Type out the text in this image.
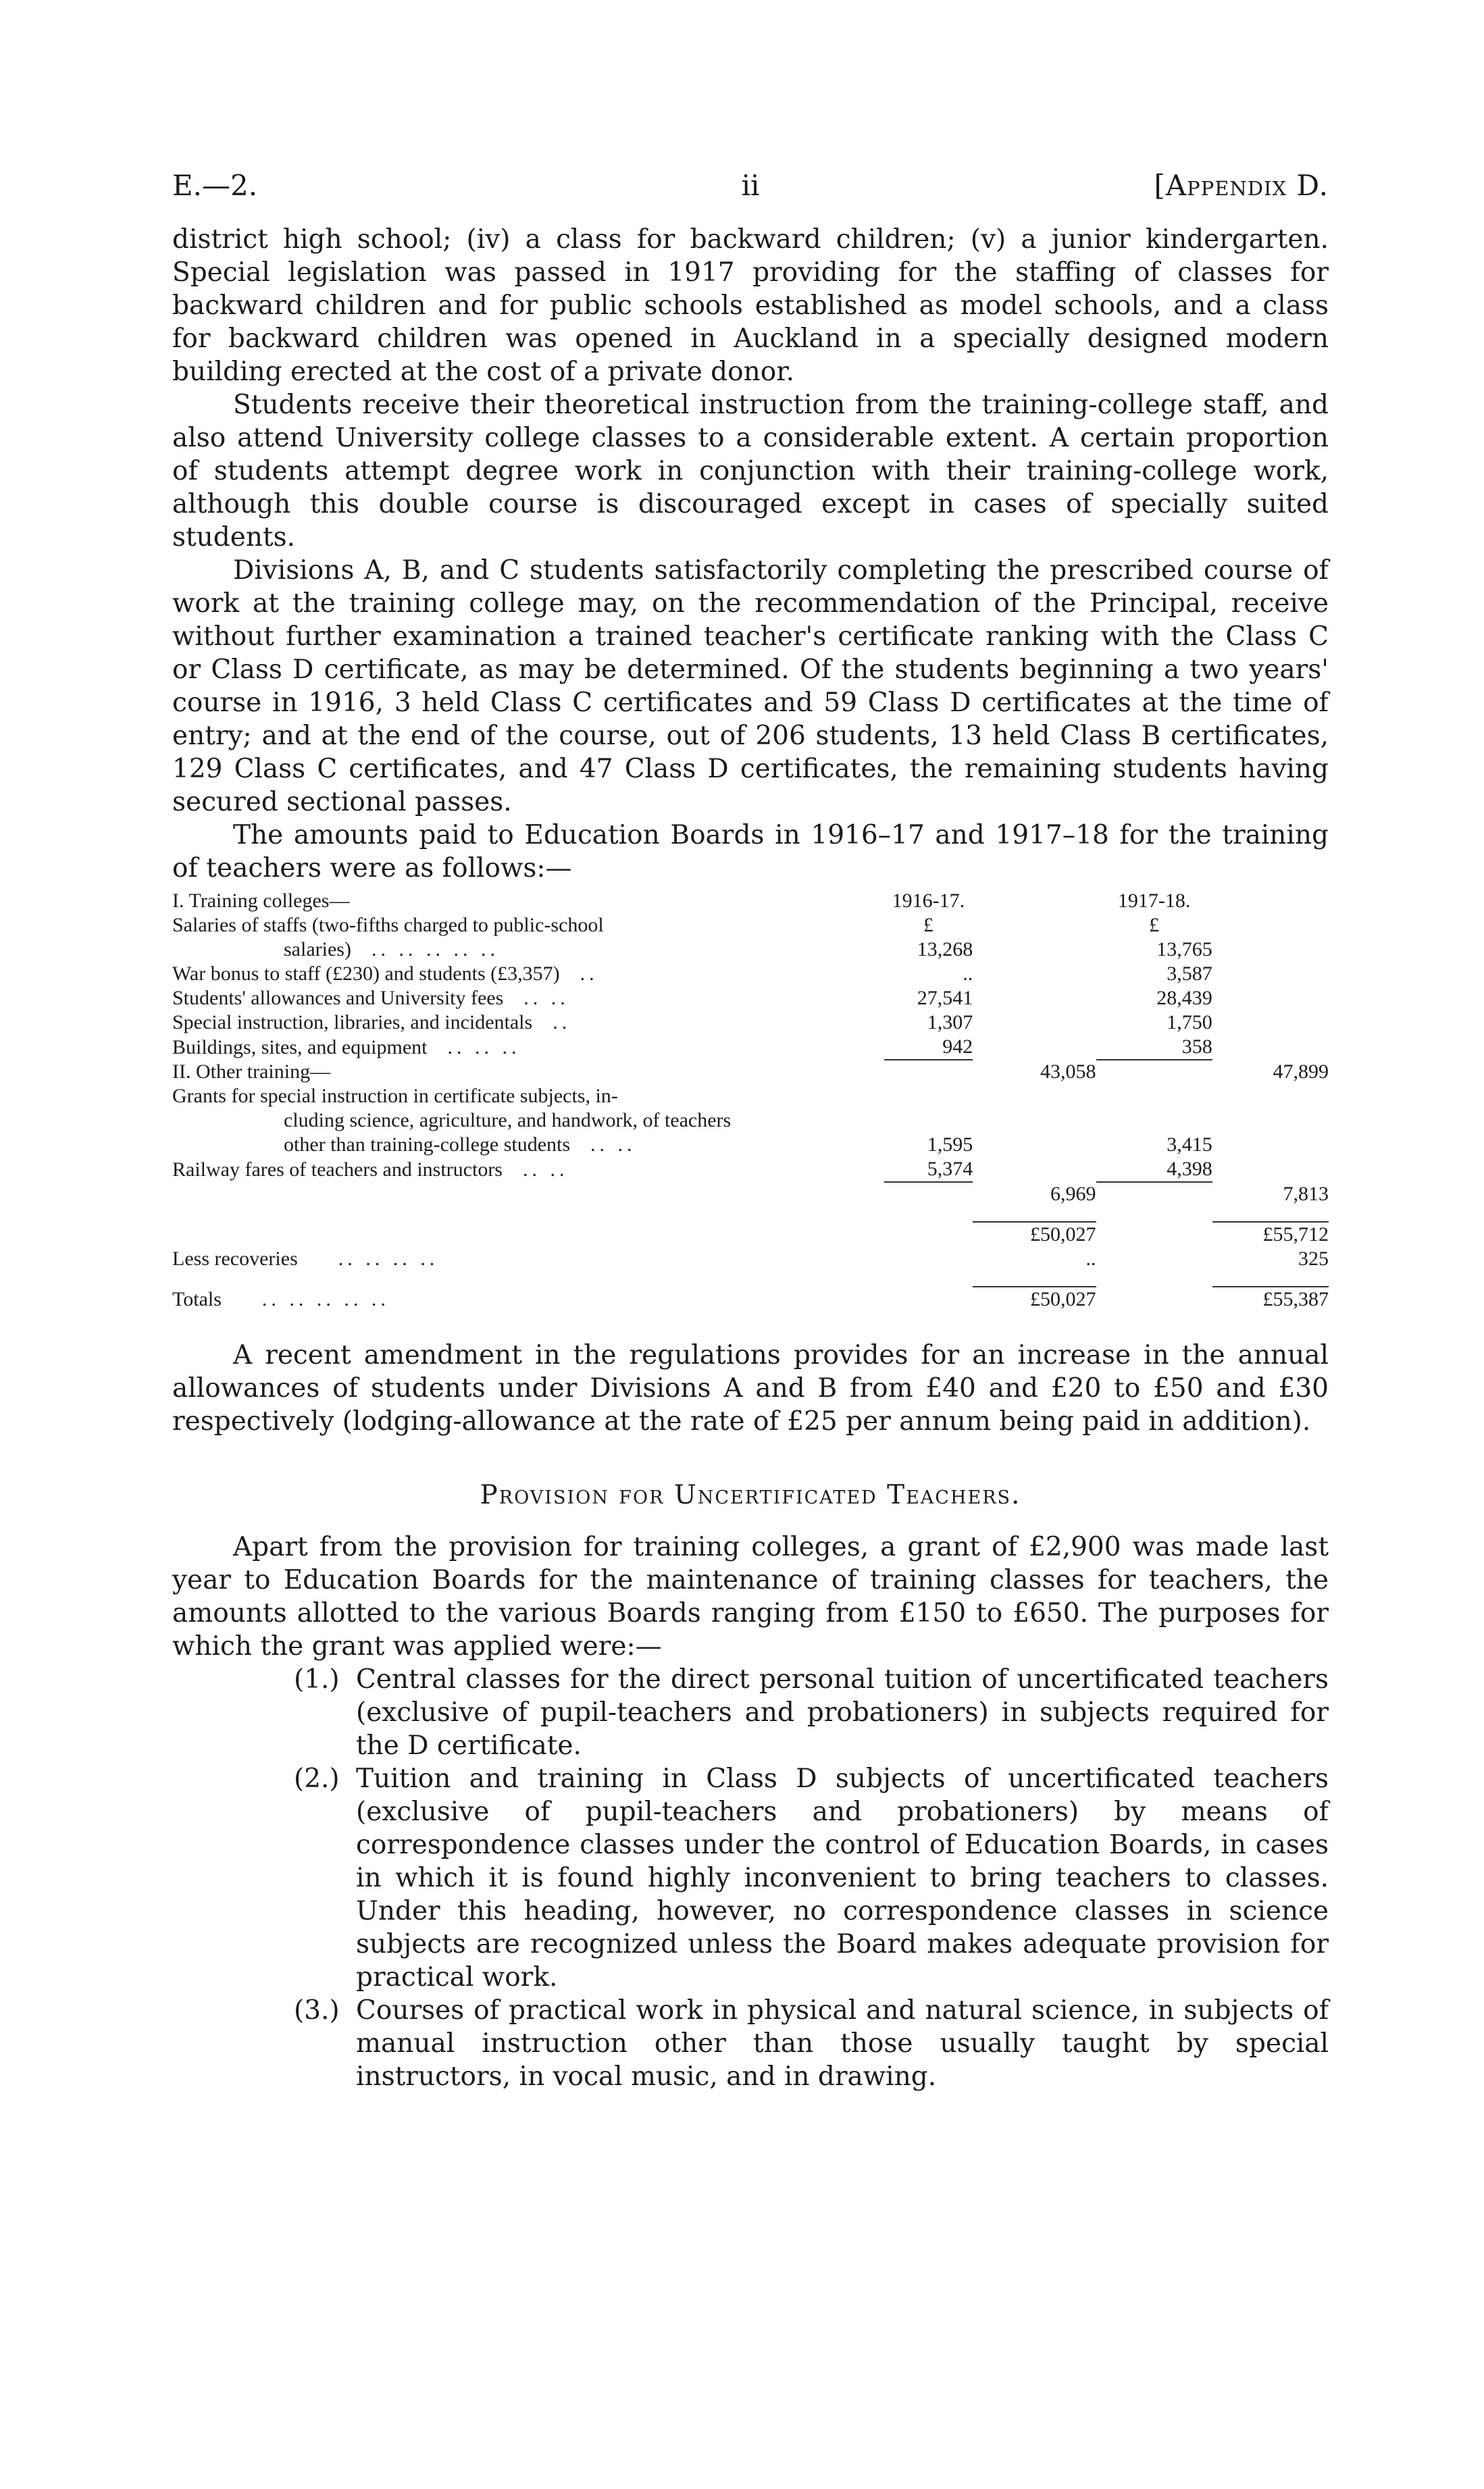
E.—2.	ii	[Appendix D.

district high school; (iv) a class for backward children; (v) a junior kindergarten. Special legislation was passed in 1917 providing for the staffing of classes for backward children and for public schools established as model schools, and a class for backward children was opened in Auckland in a specially designed modern building erected at the cost of a private donor.

Students receive their theoretical instruction from the training-college staff, and also attend University college classes to a considerable extent. A certain proportion of students attempt degree work in conjunction with their training-college work, although this double course is discouraged except in cases of specially suited students.

Divisions A, B, and C students satisfactorily completing the prescribed course of work at the training college may, on the recommendation of the Principal, receive without further examination a trained teacher's certificate ranking with the Class C or Class D certificate, as may be determined. Of the students beginning a two years' course in 1916, 3 held Class C certificates and 59 Class D certificates at the time of entry; and at the end of the course, out of 206 students, 13 held Class B certificates, 129 Class C certificates, and 47 Class D certificates, the remaining students having secured sectional passes.

The amounts paid to Education Boards in 1916–17 and 1917–18 for the training of teachers were as follows:—

I. Training colleges—	1916-17.		1917-18.	
Salaries of staffs (two-fifths charged to public-school	£		£	
salaries) .. .. .. .. ..	13,268		13,765	
War bonus to staff (£230) and students (£3,357) ..	..		3,587	
Students' allowances and University fees .. ..	27,541		28,439	
Special instruction, libraries, and incidentals ..	1,307		1,750	
Buildings, sites, and equipment .. .. ..	942		358	
II. Other training—		43,058		47,899
Grants for special instruction in certificate subjects, in-				
cluding science, agriculture, and handwork, of teachers				
other than training-college students .. ..	1,595		3,415	
Railway fares of teachers and instructors .. ..	5,374		4,398	
		6,969		7,813

		£50,027		£55,712
Less recoveries .. .. .. ..		..		325

Totals .. .. .. .. ..		£50,027		£55,387

A recent amendment in the regulations provides for an increase in the annual allowances of students under Divisions A and B from £40 and £20 to £50 and £30 respectively (lodging-allowance at the rate of £25 per annum being paid in addition).

Provision for Uncertificated Teachers.

Apart from the provision for training colleges, a grant of £2,900 was made last year to Education Boards for the maintenance of training classes for teachers, the amounts allotted to the various Boards ranging from £150 to £650. The purposes for which the grant was applied were:—

(1.) Central classes for the direct personal tuition of uncertificated teachers (exclusive of pupil-teachers and probationers) in subjects required for the D certificate.

(2.) Tuition and training in Class D subjects of uncertificated teachers (exclusive of pupil-teachers and probationers) by means of correspondence classes under the control of Education Boards, in cases in which it is found highly inconvenient to bring teachers to classes. Under this heading, however, no correspondence classes in science subjects are recognized unless the Board makes adequate provision for practical work.

(3.) Courses of practical work in physical and natural science, in subjects of manual instruction other than those usually taught by special instructors, in vocal music, and in drawing.
